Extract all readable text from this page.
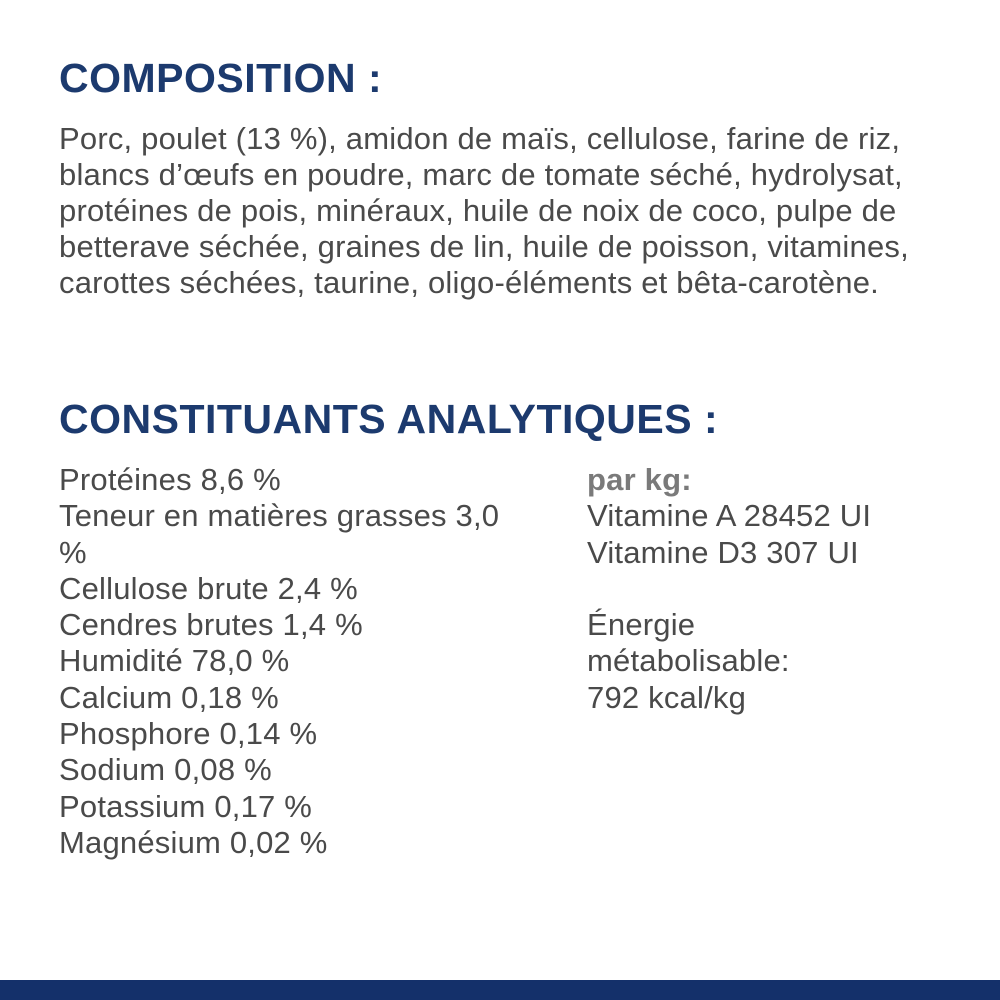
COMPOSITION :

Porc, poulet (13 %), amidon de maïs, cellulose, farine de riz, blancs d’œufs en poudre, marc de tomate séché, hydrolysat, protéines de pois, minéraux, huile de noix de coco, pulpe de betterave séchée, graines de lin, huile de poisson, vitamines, carottes séchées, taurine, oligo-éléments et bêta-carotène.

CONSTITUANTS ANALYTIQUES :
Protéines 8,6 %
Teneur en matières grasses 3,0 %
Cellulose brute 2,4 %
Cendres brutes 1,4 %
Humidité 78,0 %
Calcium 0,18 %
Phosphore 0,14 %
Sodium 0,08 %
Potassium 0,17 %
Magnésium 0,02 %
par kg:
Vitamine A 28452 UI
Vitamine D3 307 UI
Énergie
métabolisable:
792 kcal/kg
